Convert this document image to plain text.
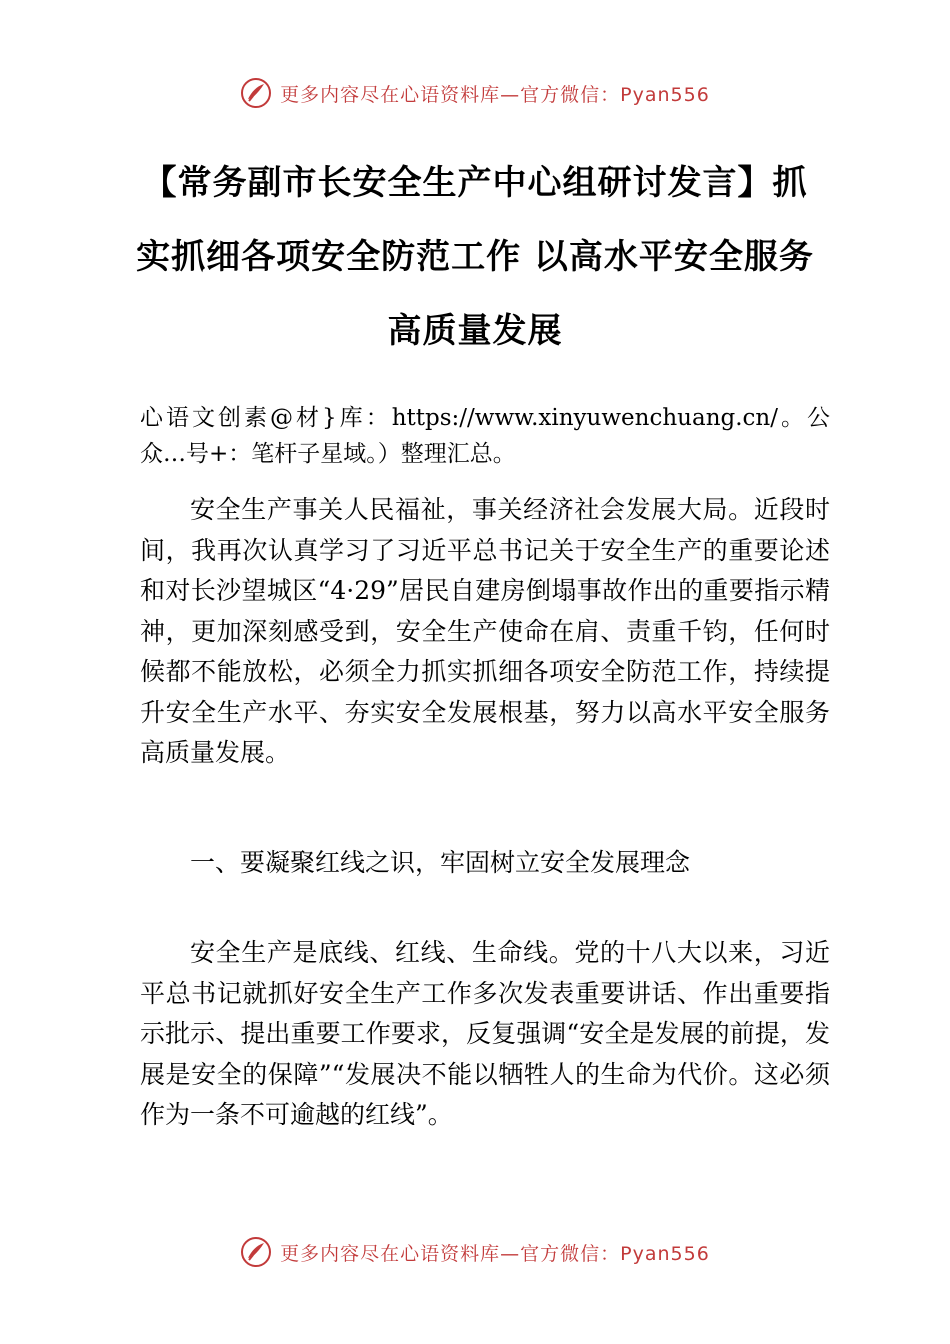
更多内容尽在心语资料库—官方微信：Pyan556
【常务副市长安全生产中心组研讨发言】抓实抓细各项安全防范工作 以高水平安全服务高质量发展

心语文创素@材}库：https://www.xinyuwenchuang.cn/。公众…号+：笔杆子星域。）整理汇总。

安全生产事关人民福祉，事关经济社会发展大局。近段时间，我再次认真学习了习近平总书记关于安全生产的重要论述和对长沙望城区“4·29”居民自建房倒塌事故作出的重要指示精神，更加深刻感受到，安全生产使命在肩、责重千钧，任何时候都不能放松，必须全力抓实抓细各项安全防范工作，持续提升安全生产水平、夯实安全发展根基，努力以高水平安全服务高质量发展。

一、要凝聚红线之识，牢固树立安全发展理念

安全生产是底线、红线、生命线。党的十八大以来，习近平总书记就抓好安全生产工作多次发表重要讲话、作出重要指示批示、提出重要工作要求，反复强调“安全是发展的前提，发展是安全的保障”“发展决不能以牺牲人的生命为代价。这必须作为一条不可逾越的红线”。

更多内容尽在心语资料库—官方微信：Pyan556
